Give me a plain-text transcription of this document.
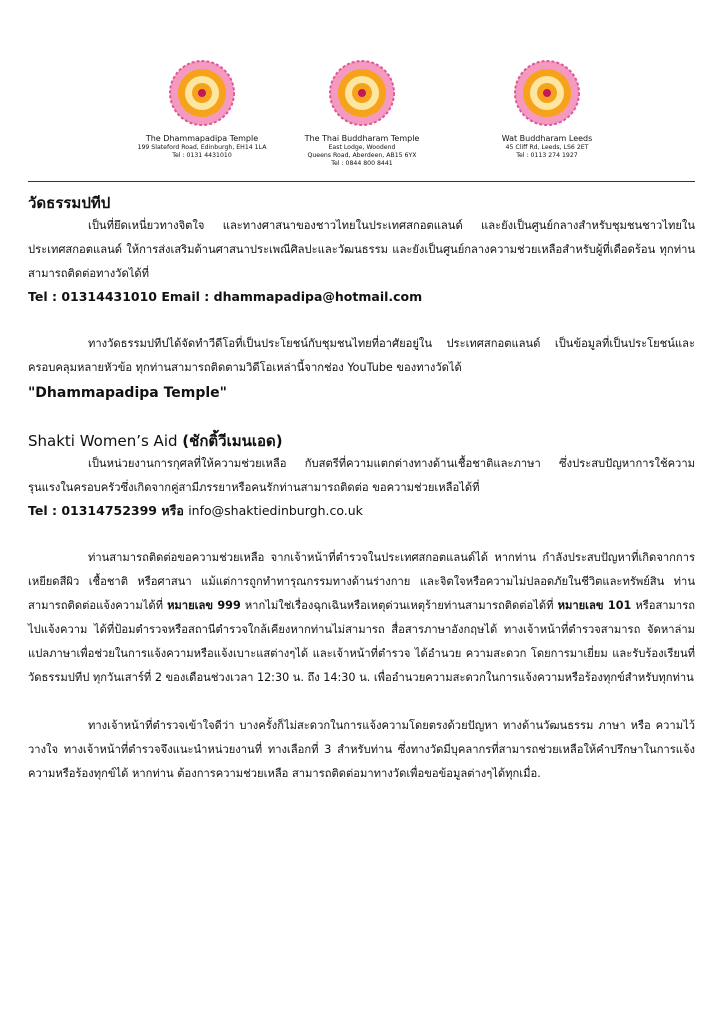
The Dhammapadipa Temple
199 Slateford Road, Edinburgh, EH14 1LA
Tel : 0131 4431010
The Thai Buddharam Temple
East Lodge, Woodend
Queens Road, Aberdeen, AB15 6YX
Tel : 0844 800 8441
Wat Buddharam Leeds
45 Cliff Rd, Leeds, LS6 2ET
Tel : 0113 274 1927
วัดธรรมปทีป

เป็นที่ยึดเหนี่ยวทางจิตใจ และทางศาสนาของชาวไทยในประเทศสกอตแลนด์ และยังเป็นศูนย์กลางสำหรับชุมชนชาวไทยในประเทศสกอตแลนด์ ให้การส่งเสริมด้านศาสนาประเพณีศิลปะและวัฒนธรรม และยังเป็นศูนย์กลางความช่วยเหลือสำหรับผู้ที่เดือดร้อน ทุกท่านสามารถติดต่อทางวัดได้ที่

Tel : 01314431010 Email : dhammapadipa@hotmail.com

ทางวัดธรรมปทีปได้จัดทำวีดีโอที่เป็นประโยชน์กับชุมชนไทยที่อาศัยอยู่ใน ประเทศสกอตแลนด์ เป็นข้อมูลที่เป็นประโยชน์และครอบคลุมหลายหัวข้อ ทุกท่านสามารถติดตามวิดีโอเหล่านี้จากช่อง YouTube ของทางวัดได้

"Dhammapadipa Temple"

Shakti Women’s Aid (ชักติ้วีเมนเอด)

เป็นหน่วยงานการกุศลที่ให้ความช่วยเหลือ กับสตรีที่ความแตกต่างทางด้านเชื้อชาติและภาษา ซึ่งประสบปัญหาการใช้ความรุนแรงในครอบครัวซึ่งเกิดจากคู่สามีภรรยาหรือคนรักท่านสามารถติดต่อ ขอความช่วยเหลือได้ที่

Tel : 01314752399 หรือ info@shaktiedinburgh.co.uk

ท่านสามารถติดต่อขอความช่วยเหลือ จากเจ้าหน้าที่ตำรวจในประเทศสกอตแลนด์ได้ หากท่าน กำลังประสบปัญหาที่เกิดจากการเหยียดสีผิว เชื้อชาติ หรือศาสนา แม้แต่การถูกทำทารุณกรรมทางด้านร่างกาย และจิตใจหรือความไม่ปลอดภัยในชีวิตและทรัพย์สิน ท่านสามารถติดต่อแจ้งความได้ที่ หมายเลข 999 หากไม่ใช่เรื่องฉุกเฉินหรือเหตุด่วนเหตุร้ายท่านสามารถติดต่อได้ที่ หมายเลข 101 หรือสามารถไปแจ้งความ ได้ที่ป้อมตำรวจหรือสถานีตำรวจใกล้เคียงหากท่านไม่สามารถ สื่อสารภาษาอังกฤษได้ ทางเจ้าหน้าที่ตำรวจสามารถ จัดหาล่ามแปลภาษาเพื่อช่วยในการแจ้งความหรือแจ้งเบาะแสต่างๆได้ และเจ้าหน้าที่ตำรวจ ได้อำนวย ความสะดวก โดยการมาเยี่ยม และรับร้องเรียนที่วัดธรรมปทีป ทุกวันเสาร์ที่ 2 ของเดือนช่วงเวลา 12:30 น. ถึง 14:30 น. เพื่ออำนวยความสะดวกในการแจ้งความหรือร้องทุกข์สำหรับทุกท่าน

ทางเจ้าหน้าที่ตำรวจเข้าใจดีว่า บางครั้งก็ไม่สะดวกในการแจ้งความโดยตรงด้วยปัญหา ทางด้านวัฒนธรรม ภาษา หรือ ความไว้วางใจ ทางเจ้าหน้าที่ตำรวจจึงแนะนำหน่วยงานที่ ทางเลือกที่ 3 สำหรับท่าน ซึ่งทางวัดมีบุคลากรที่สามารถช่วยเหลือให้คำปรึกษาในการแจ้งความหรือร้องทุกข์ได้ หากท่าน ต้องการความช่วยเหลือ สามารถติดต่อมาทางวัดเพื่อขอข้อมูลต่างๆได้ทุกเมื่อ.
